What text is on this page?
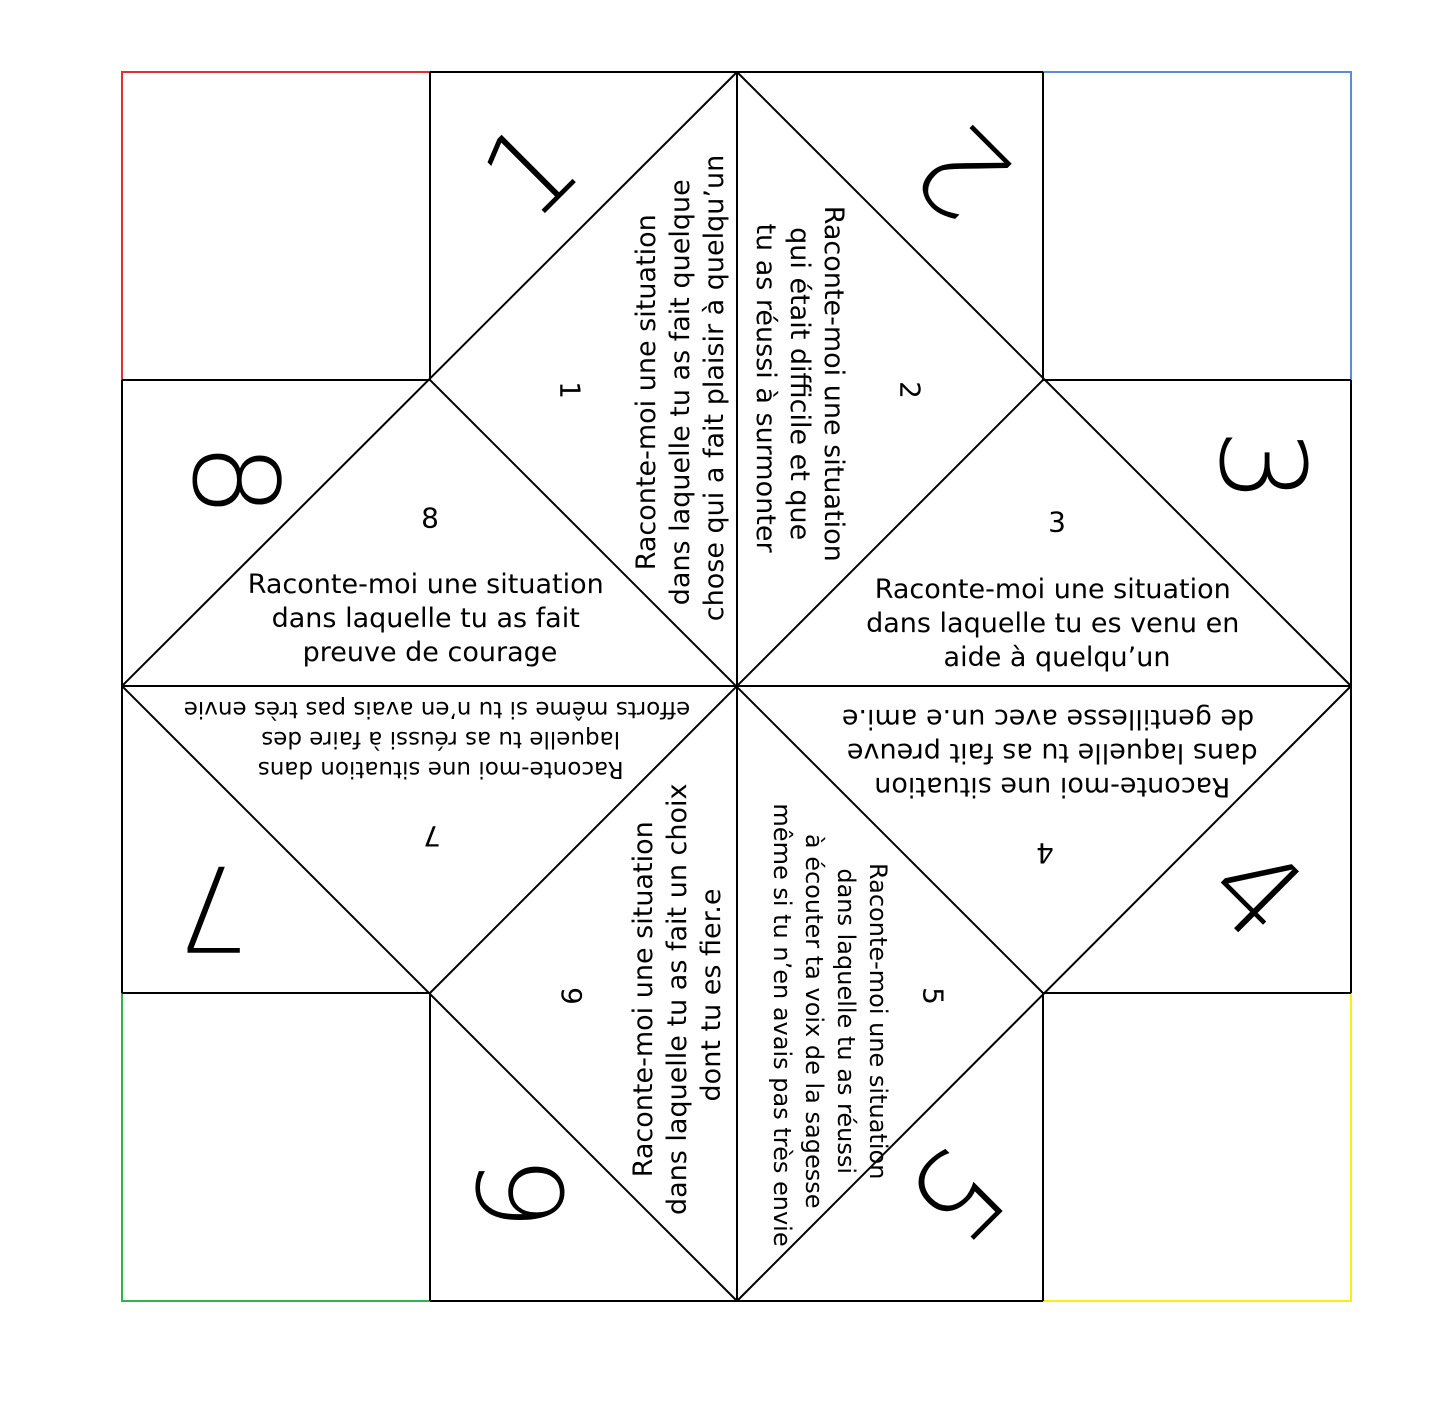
1 2
3
4
5
6
7
8
1	2
3
4
5
6
7
8	Raconte-moi une situation dans laquelle tu as fait quelque chose qui a fait plaisir à quelqu’un	Raconte-moi une situation qui était difficile et que tu as réussi à surmonter
Raconte-moi une situation dans laquelle tu es venu en aide à quelqu’un
Raconte-moi une situation dans laquelle tu as fait preuve de gentillesse avec un.e ami.e
Raconte-moi une situation dans laquelle tu as réussi à écouter ta voix de la sagesse même si tu n’en avais pas très envie
Raconte-moi une situation dans laquelle tu as fait un choix dont tu es fier.e
Raconte-moi une situation dans laquelle tu as réussi à faire des efforts même si tu n’en avais pas très envie
Raconte-moi une situation dans laquelle tu as fait preuve de courage
